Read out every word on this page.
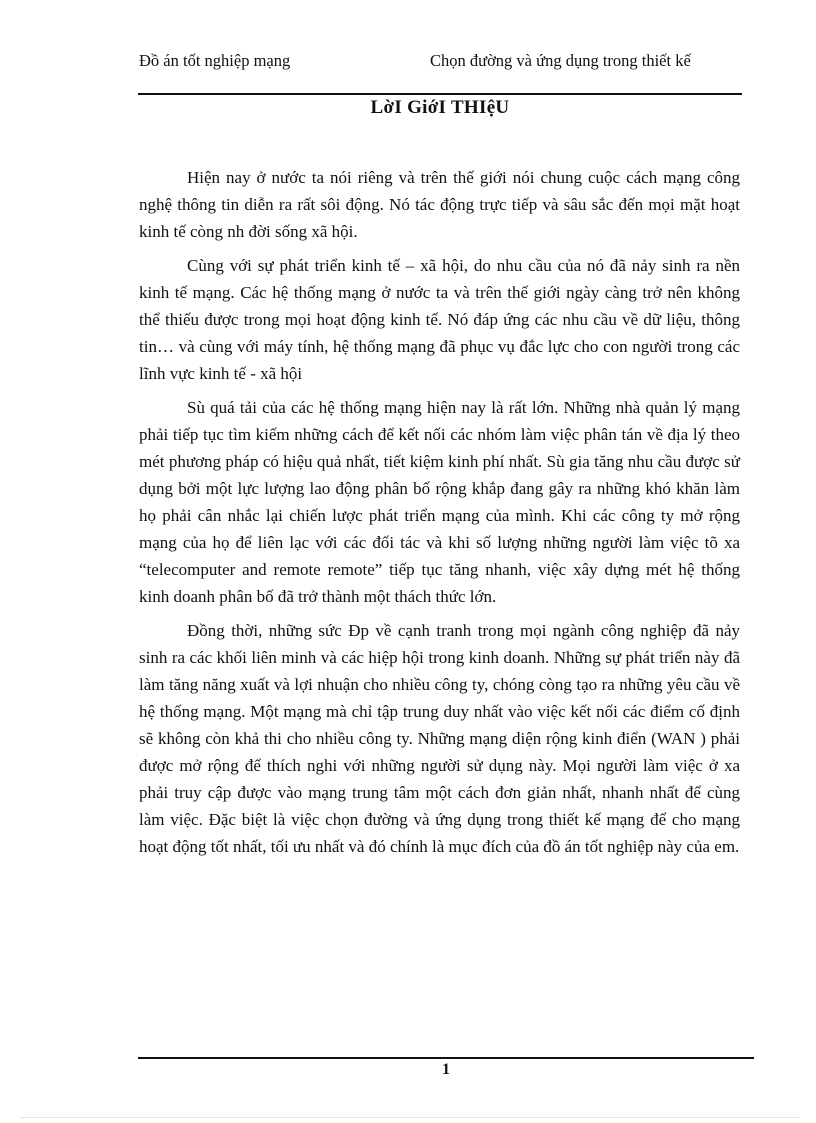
Đồ án tốt nghiệp mạng	Chọn đường và ứng dụng trong thiết kế
LờI GiớI THIệU

Hiện nay ở nước ta nói riêng và trên thế giới nói chung cuộc cách mạng công nghệ thông tin diễn ra rất sôi động. Nó tác động trực tiếp và sâu sắc đến mọi mặt hoạt kinh tế còng nh đời sống xã hội.

Cùng với sự phát triển kinh tế – xã hội, do nhu cầu của nó đã nảy sinh ra nền kinh tế mạng. Các hệ thống mạng ở nước ta và trên thế giới ngày càng trở nên không thể thiếu được trong mọi hoạt động kinh tế. Nó đáp ứng các nhu cầu về dữ liệu, thông tin… và cùng với máy tính, hệ thống mạng đã phục vụ đắc lực cho con người trong các lĩnh vực kinh tế - xã hội

Sù quá tải của các hệ thống mạng hiện nay là rất lớn. Những nhà quản lý mạng phải tiếp tục tìm kiếm những cách để kết nối các nhóm làm việc phân tán về địa lý theo mét phương pháp có hiệu quả nhất, tiết kiệm kinh phí nhất. Sù gia tăng nhu cầu được sử dụng bởi một lực lượng lao động phân bố rộng khắp đang gây ra những khó khăn làm họ phải cân nhắc lại chiến lược phát triển mạng của mình. Khi các công ty mở rộng mạng của họ để liên lạc với các đối tác và khi số lượng những người làm việc tõ xa “telecomputer and remote remote” tiếp tục tăng nhanh, việc xây dựng mét hệ thống kinh doanh phân bố đã trở thành một thách thức lớn.

Đồng thời, những sức Ðp về cạnh tranh trong mọi ngành công nghiệp đã nảy sinh ra các khối liên minh và các hiệp hội trong kinh doanh. Những sự phát triển này đã làm tăng năng xuất và lợi nhuận cho nhiều công ty, chóng còng tạo ra những yêu cầu về hệ thống mạng. Một mạng mà chỉ tập trung duy nhất vào việc kết nối các điểm cố định sẽ không còn khả thi cho nhiều công ty. Những mạng diện rộng kinh điển (WAN ) phải được mở rộng để thích nghi với những người sử dụng này. Mọi người làm việc ở xa phải truy cập được vào mạng trung tâm một cách đơn giản nhất, nhanh nhất để cùng làm việc. Đặc biệt là việc chọn đường và ứng dụng trong thiết kế mạng để cho mạng hoạt động tốt nhất, tối ưu nhất và đó chính là mục đích của đồ án tốt nghiệp này của em.

1
